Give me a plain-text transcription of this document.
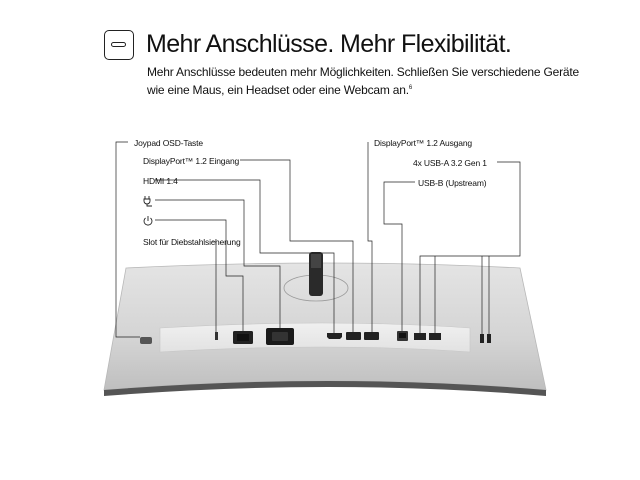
Mehr Anschlüsse. Mehr Flexibilität.
Mehr Anschlüsse bedeuten mehr Möglichkeiten. Schließen Sie verschiedene Geräte wie eine Maus, ein Headset oder eine Webcam an.$^6$
Joypad OSD-Taste
DisplayPort™ 1.2 Eingang
HDMI 1.4
Slot für Diebstahlsicherung
DisplayPort™ 1.2 Ausgang
4x USB-A 3.2 Gen 1
USB-B (Upstream)
